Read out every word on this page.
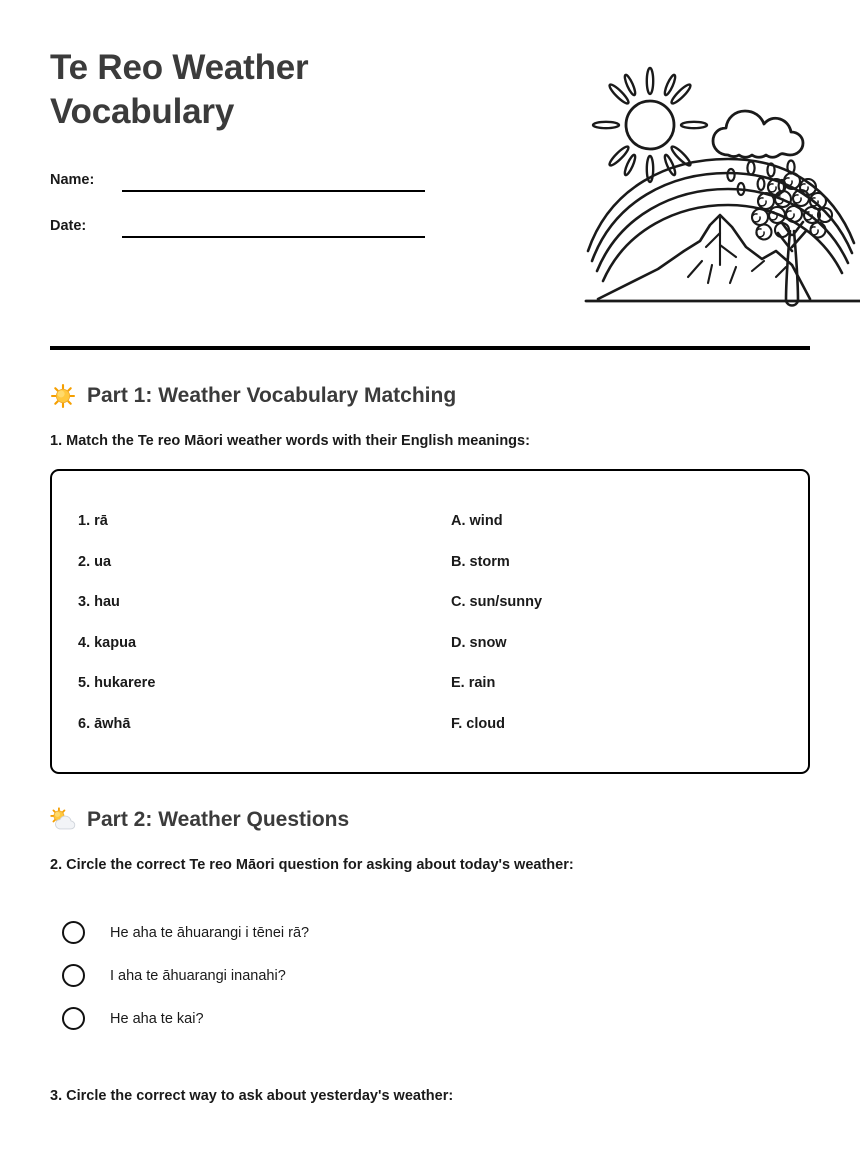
Te Reo Weather Vocabulary
Name:
Date:
Part 1: Weather Vocabulary Matching
1. Match the Te reo Māori weather words with their English meanings:
1. rā
2. ua
3. hau
4. kapua
5. hukarere
6. āwhā
A. wind
B. storm
C. sun/sunny
D. snow
E. rain
F. cloud
Part 2: Weather Questions
2. Circle the correct Te reo Māori question for asking about today's weather:
He aha te āhuarangi i tēnei rā?
I aha te āhuarangi inanahi?
He aha te kai?
3. Circle the correct way to ask about yesterday's weather:
